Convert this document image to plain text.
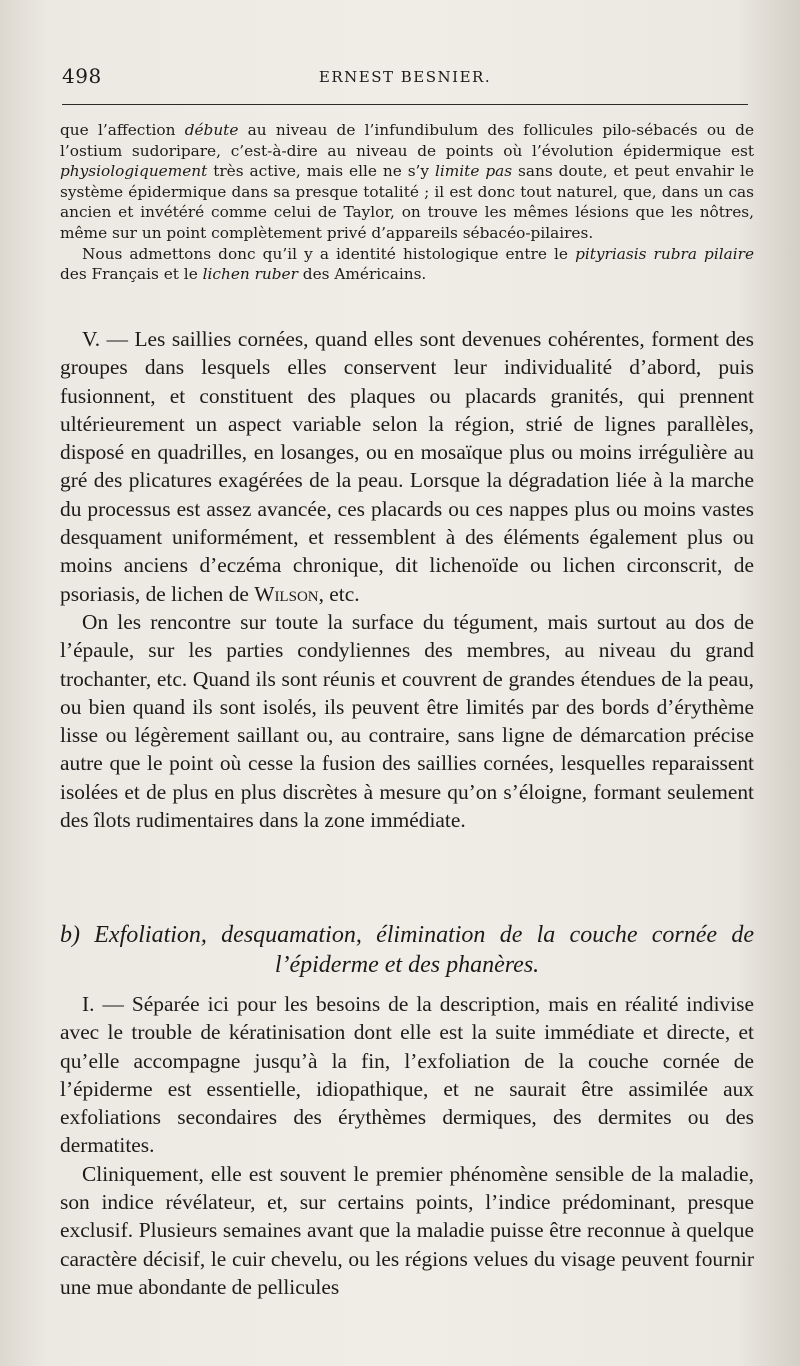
498	ERNEST BESNIER.

que l’affection débute au niveau de l’infundibulum des follicules pilo-sébacés ou de l’ostium sudoripare, c’est-à-dire au niveau de points où l’évolution épidermique est physiologiquement très active, mais elle ne s’y limite pas sans doute, et peut envahir le système épidermique dans sa presque totalité ; il est donc tout naturel, que, dans un cas ancien et invétéré comme celui de Taylor, on trouve les mêmes lésions que les nôtres, même sur un point complètement privé d’appareils sébacéo-pilaires.

Nous admettons donc qu’il y a identité histologique entre le pityriasis rubra pilaire des Français et le lichen ruber des Américains.

V. — Les saillies cornées, quand elles sont devenues cohérentes, forment des groupes dans lesquels elles conservent leur individualité d’abord, puis fusionnent, et constituent des plaques ou placards granités, qui prennent ultérieurement un aspect variable selon la région, strié de lignes parallèles, disposé en quadrilles, en losanges, ou en mosaïque plus ou moins irrégulière au gré des plicatures exagérées de la peau. Lorsque la dégradation liée à la marche du processus est assez avancée, ces placards ou ces nappes plus ou moins vastes desquament uniformément, et ressemblent à des éléments également plus ou moins anciens d’eczéma chronique, dit lichenoïde ou lichen circonscrit, de psoriasis, de lichen de Wilson, etc.

On les rencontre sur toute la surface du tégument, mais surtout au dos de l’épaule, sur les parties condyliennes des membres, au niveau du grand trochanter, etc. Quand ils sont réunis et couvrent de grandes étendues de la peau, ou bien quand ils sont isolés, ils peuvent être limités par des bords d’érythème lisse ou légèrement saillant ou, au contraire, sans ligne de démarcation précise autre que le point où cesse la fusion des saillies cornées, lesquelles reparaissent isolées et de plus en plus discrètes à mesure qu’on s’éloigne, formant seulement des îlots rudimentaires dans la zone immédiate.

b) Exfoliation, desquamation, élimination de la couche cornée de
l’épiderme et des phanères.

I. — Séparée ici pour les besoins de la description, mais en réalité indivise avec le trouble de kératinisation dont elle est la suite immédiate et directe, et qu’elle accompagne jusqu’à la fin, l’exfoliation de la couche cornée de l’épiderme est essentielle, idiopathique, et ne saurait être assimilée aux exfoliations secondaires des érythèmes dermiques, des dermites ou des dermatites.

Cliniquement, elle est souvent le premier phénomène sensible de la maladie, son indice révélateur, et, sur certains points, l’indice prédominant, presque exclusif. Plusieurs semaines avant que la maladie puisse être reconnue à quelque caractère décisif, le cuir chevelu, ou les régions velues du visage peuvent fournir une mue abondante de pellicules
